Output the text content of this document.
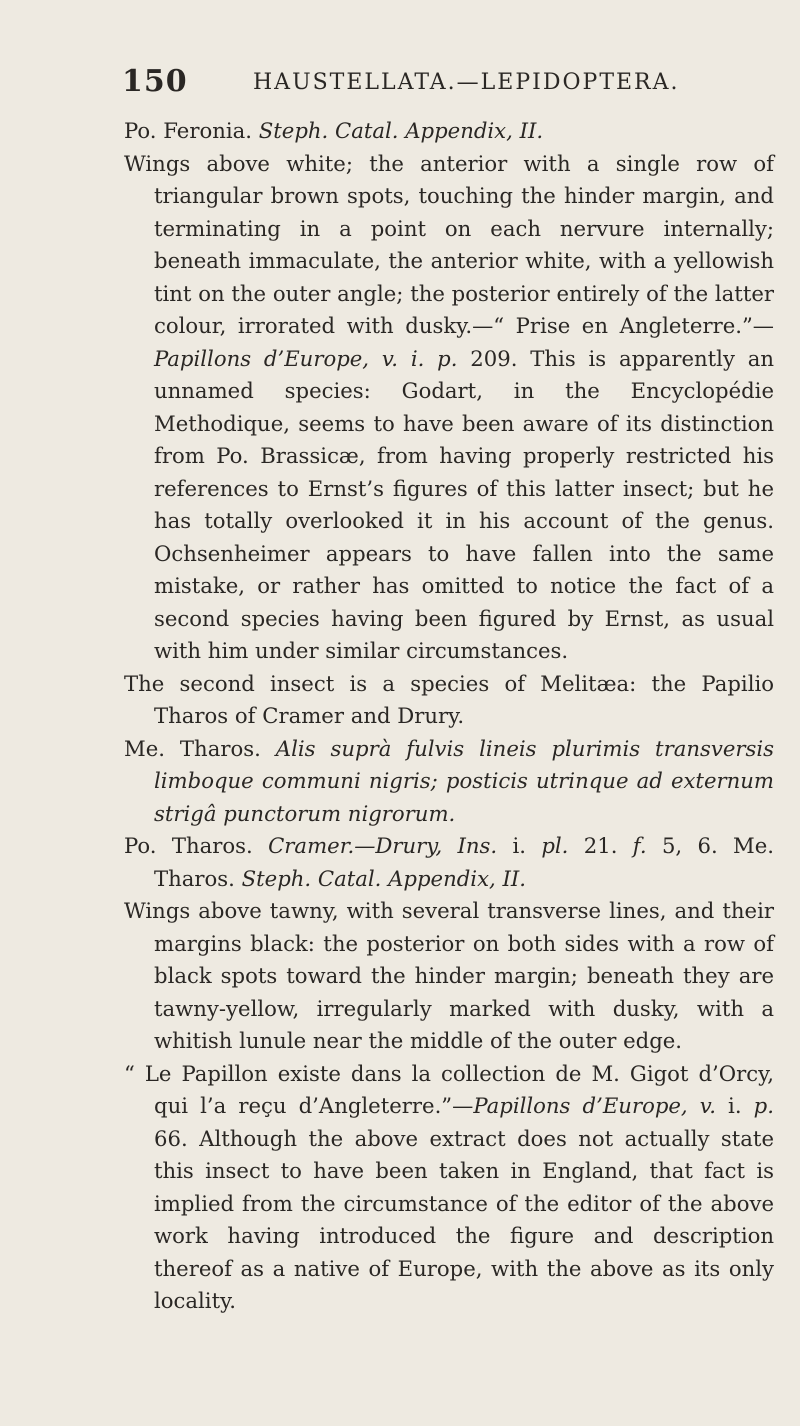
150	HAUSTELLATA.—LEPIDOPTERA.

Po. Feronia. Steph. Catal. Appendix, II.

Wings above white; the anterior with a single row of triangular brown spots, touching the hinder margin, and terminating in a point on each nervure internally; beneath immaculate, the anterior white, with a yellowish tint on the outer angle; the posterior entirely of the latter colour, irrorated with dusky.—“ Prise en Angleterre.”—Papillons d’Europe, v. i. p. 209. This is apparently an unnamed species: Godart, in the Encyclopédie Methodique, seems to have been aware of its distinction from Po. Brassicæ, from having properly restricted his references to Ernst’s figures of this latter insect; but he has totally overlooked it in his account of the genus. Ochsenheimer appears to have fallen into the same mistake, or rather has omitted to notice the fact of a second species having been figured by Ernst, as usual with him under similar circumstances.

The second insect is a species of Melitæa: the Papilio Tharos of Cramer and Drury.

Me. Tharos. Alis suprà fulvis lineis plurimis transversis limboque communi nigris; posticis utrinque ad externum strigâ punctorum nigrorum.

Po. Tharos. Cramer.—Drury, Ins. i. pl. 21. f. 5, 6. Me. Tharos. Steph. Catal. Appendix, II.

Wings above tawny, with several transverse lines, and their margins black: the posterior on both sides with a row of black spots toward the hinder margin; beneath they are tawny-yellow, irregularly marked with dusky, with a whitish lunule near the middle of the outer edge.

“ Le Papillon existe dans la collection de M. Gigot d’Orcy, qui l’a reçu d’Angleterre.”—Papillons d’Europe, v. i. p. 66. Although the above extract does not actually state this insect to have been taken in England, that fact is implied from the circumstance of the editor of the above work having introduced the figure and description thereof as a native of Europe, with the above as its only locality.
